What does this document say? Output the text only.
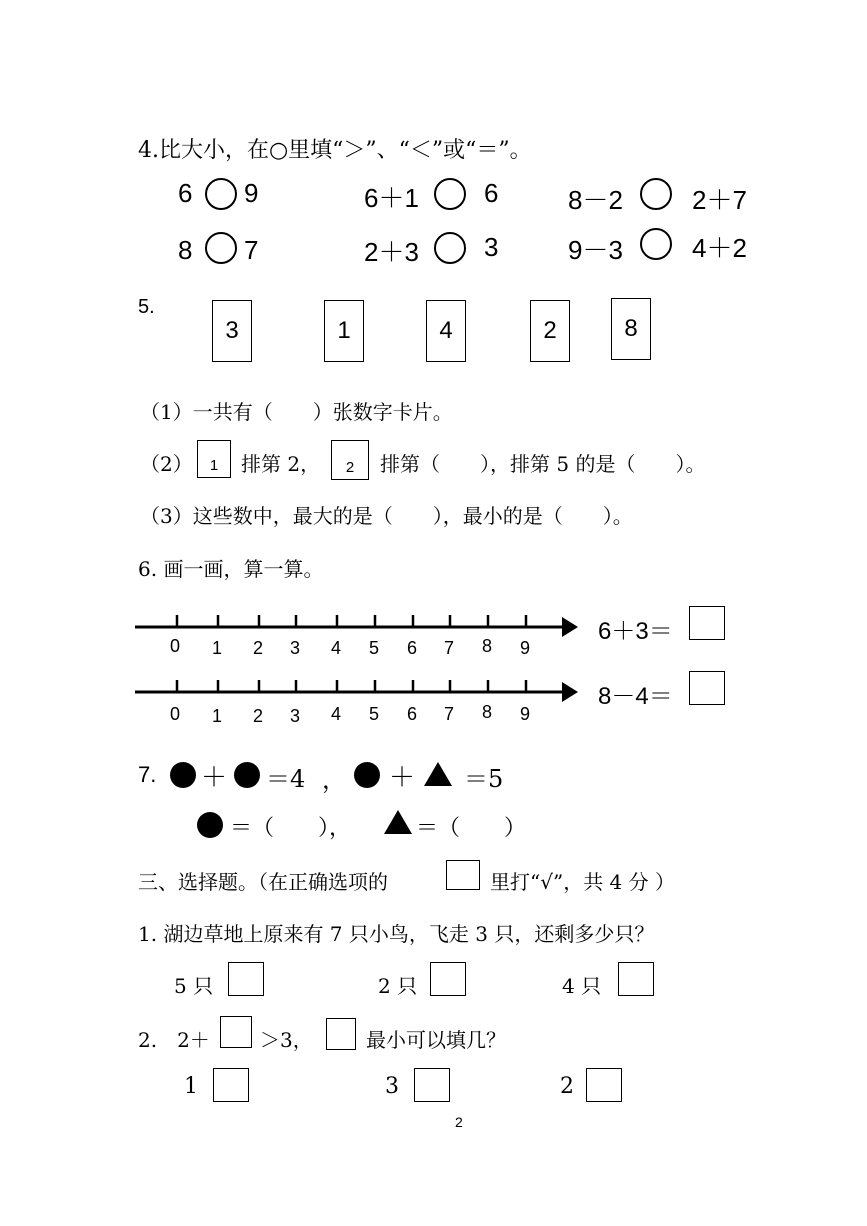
4.比大小，在○里填“＞”、“＜”或“＝”。
6 9	6＋1	6	8－2	2＋7
8 7	2＋3	3	9－3	4＋2
5.
3	1	4	2	8
（1）一共有（　　）张数字卡片。
（2）	1	排第 2，	2	排第（　　），排第 5 的是（　　）。
（3）这些数中，最大的是（　　），最小的是（　　）。
6. 画一画，算一算。
0 1 2 3 4 5 6 7 8 9
0 1 2 3 4 5 6 7 8 9
6＋3＝
8－4＝
7. ＋ ＝4 ， ＋ ＝5
＝（　　），	＝（　　）
三、选择题。（在正确选项的	里打“√”，共 4 分 ）
1. 湖边草地上原来有 7 只小鸟，飞走 3 只，还剩多少只？
5 只	2 只	4 只
2.　2＋	＞3，	最小可以填几？
1	3	2
2
